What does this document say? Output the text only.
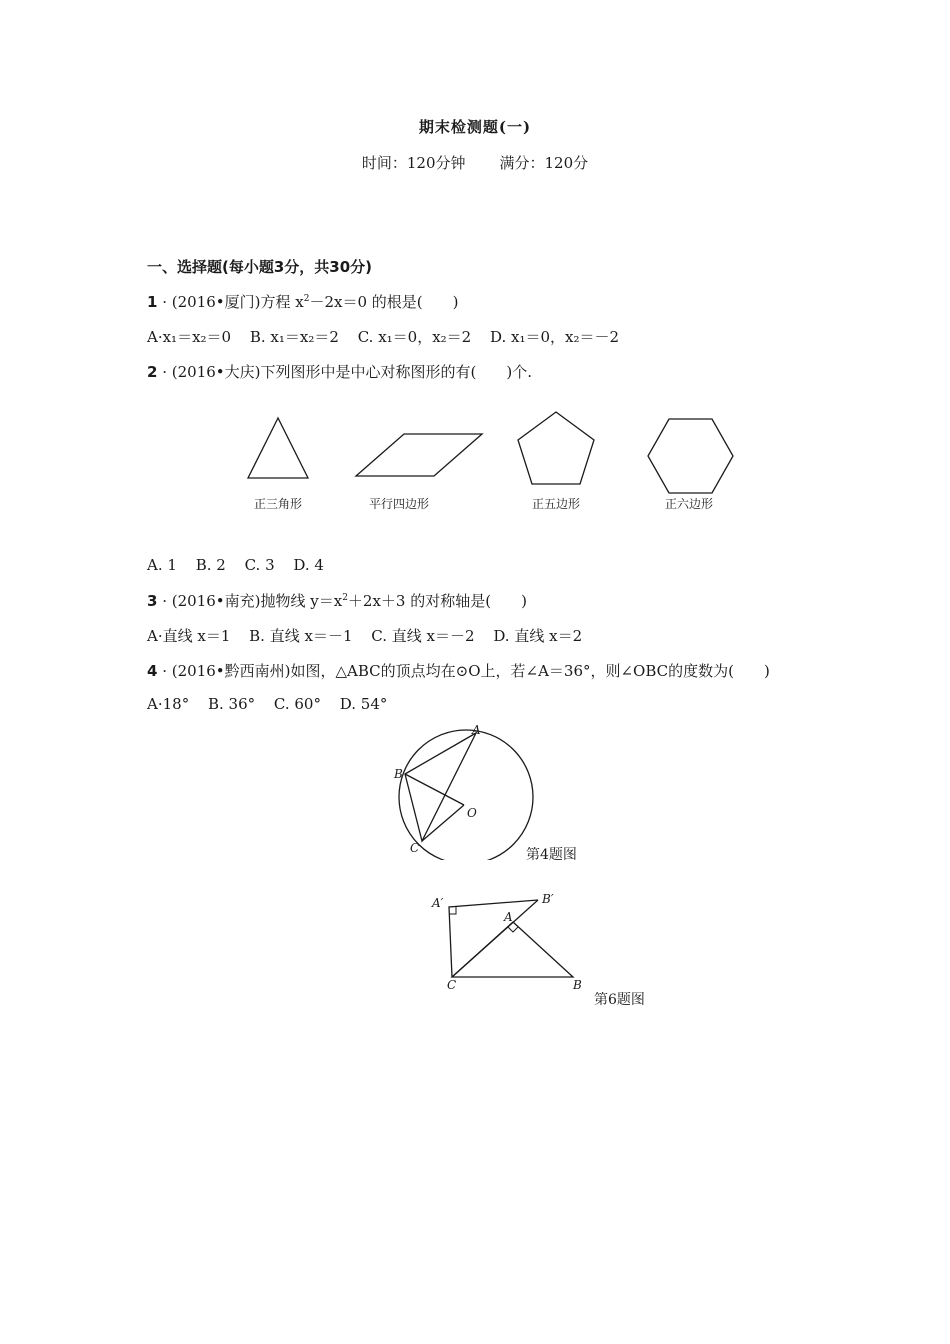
期末检测题(一)
时间：120分钟 满分：120分
一、选择题(每小题3分，共30分)
1 · (2016•厦门)方程 $x^2-2x=0$ 的根是(　　)
A·x₁＝x₂＝0 B. x₁＝x₂＝2 C. x₁＝0，x₂＝2 D. x₁＝0，x₂＝－2
2 · (2016•大庆)下列图形中是中心对称图形的有(　　)个.
正三角形	平行四边形	正五边形	正六边形
A. 1 B. 2 C. 3 D. 4
3 · (2016•南充)抛物线 $y=x^2+2x+3$ 的对称轴是(　　)
A·直线 x＝1 B. 直线 x＝－1 C. 直线 x＝－2 D. 直线 x＝2
4 · (2016•黔西南州)如图，△ABC的顶点均在⊙O上，若∠A＝36°，则∠OBC的度数为(　　)
A·18° B. 36° C. 60° D. 54°
A
B
C
O
第4题图
A′	B′
A
B
C
第6题图
